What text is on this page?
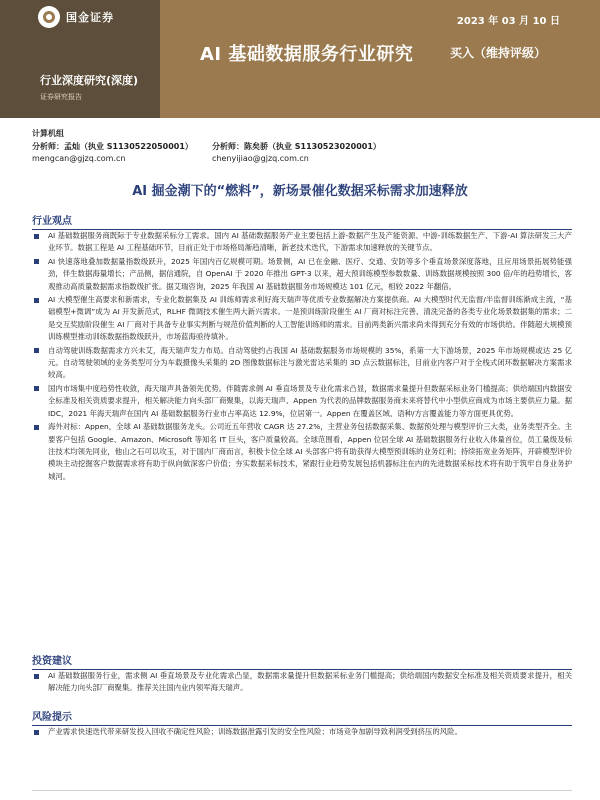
国金证券	2023 年 03 月 10 日
AI 基础数据服务行业研究	买入（维持评级）
行业深度研究(深度)
证券研究报告
计算机组
分析师：孟灿（执业 S1130522050001）
mengcan@gjzq.com.cn
分析师：陈矣骄（执业 S1130523020001）
chenyijiao@gjzq.com.cn
AI 掘金潮下的“燃料”，新场景催化数据采标需求加速释放
行业观点
AI 基础数据服务商既际于专业数据采标分工需求。国内 AI 基础数据服务产业主要包括上游-数据产生及产能资源、中游-训练数据生产、下游-AI 算法研发三大产业环节。数据工程是 AI 工程基础环节，目前正处于市场格局渐趋清晰，新老技术迭代，下游需求加速释放的关键节点。
AI 快速落地叠加数据量指数级跃升，2025 年国内百亿规模可期。场景侧，AI 已在金融、医疗、交通、安防等多个垂直场景深度落地，且应用场景拓展势能强劲，伴生数据海量增长；产品侧，据信通院，自 OpenAI 于 2020 年推出 GPT-3 以来，超大预训练模型参数数量、训练数据规模按照 300 倍/年的趋势增长，客观推动高质量数据需求指数级扩张。据艾瑞咨询，2025 年我国 AI 基础数据服务市场规模达 101 亿元，相较 2022 年翻倍。
AI 大模型催生高要求和新需求，专业化数据集及 AI 训练师需求利好海天瑞声等优质专业数据解决方案提供商。AI 大模型时代无监督/半监督训练渐成主流，“基础模型+微调”成为 AI 开发新范式，RLHF 微调技术催生两大新兴需求。一是预训练阶段催生 AI 厂商对标注完善、清洗完备的各类专业化场景数据集的需求；二是交互奖励阶段催生 AI 厂商对于具备专业事实判断与规范价值判断的人工智能训练师的需求。目前两类新兴需求尚未得到充分有效的市场供给。伴随超大规模预训练模型推动训练数据指数级跃升，市场蓝海亟待填补。
自动驾驶训练数据需求方兴未艾，海天瑞声发力布局。自动驾驶约占我国 AI 基础数据服务市场规模的 35%，系第一大下游场景，2025 年市场规模或达 25 亿元。自动驾驶领域的业务类型可分为车载摄像头采集的 2D 图像数据标注与激光雷达采集的 3D 点云数据标注，目前业内客户对于全栈式闭环数据解决方案需求较高。
国内市场集中度趋势性收敛，海天瑞声具备领先优势。伴随需求侧 AI 垂直场景及专业化需求凸显，数据需求量提升但数据采标业务门槛提高；供给端国内数据安全标准及相关资质要求提升，相关解决能力向头部厂商聚集，以海天瑞声、Appen 为代表的品牌数据服务商未来将替代中小型供应商成为市场主要供应力量。据 IDC，2021 年海天瑞声在国内 AI 基础数据服务行业市占率高达 12.9%，位居第一。Appen 在覆盖区域、语种/方言覆盖能力等方面更具优势。
海外对标：Appen，全球 AI 基础数据服务龙头。公司近五年营收 CAGR 达 27.2%，主营业务包括数据采集、数据预处理与模型评价三大类，业务类型齐全。主要客户包括 Google、Amazon、Microsoft 等知名 IT 巨头，客户质量较高。全球范围看，Appen 位居全球 AI 基础数据服务行业收入体量首位，员工量级及标注技术均领先同业，他山之石可以攻玉，对于国内厂商而言，积极卡位全球 AI 头部客户将有助获得大模型预训练的业务红利；持续拓宽业务矩阵，开辟模型评价模块主动挖掘客户数据需求将有助于纵向做深客户价值；夯实数据采标技术，紧跟行业趋势发展包括机器标注在内的先进数据采标技术将有助于筑牢自身业务护城河。
投资建议
AI 基础数据服务行业，需求侧 AI 垂直场景及专业化需求凸显，数据需求量提升但数据采标业务门槛提高；供给端国内数据安全标准及相关资质要求提升，相关解决能力向头部厂商聚集。推荐关注国内业内领军海天瑞声。
风险提示
产业需求快速迭代带来研发投入回收不确定性风险；训练数据泄露引发的安全性风险；市场竞争加剧导致利润受到挤压的风险。
